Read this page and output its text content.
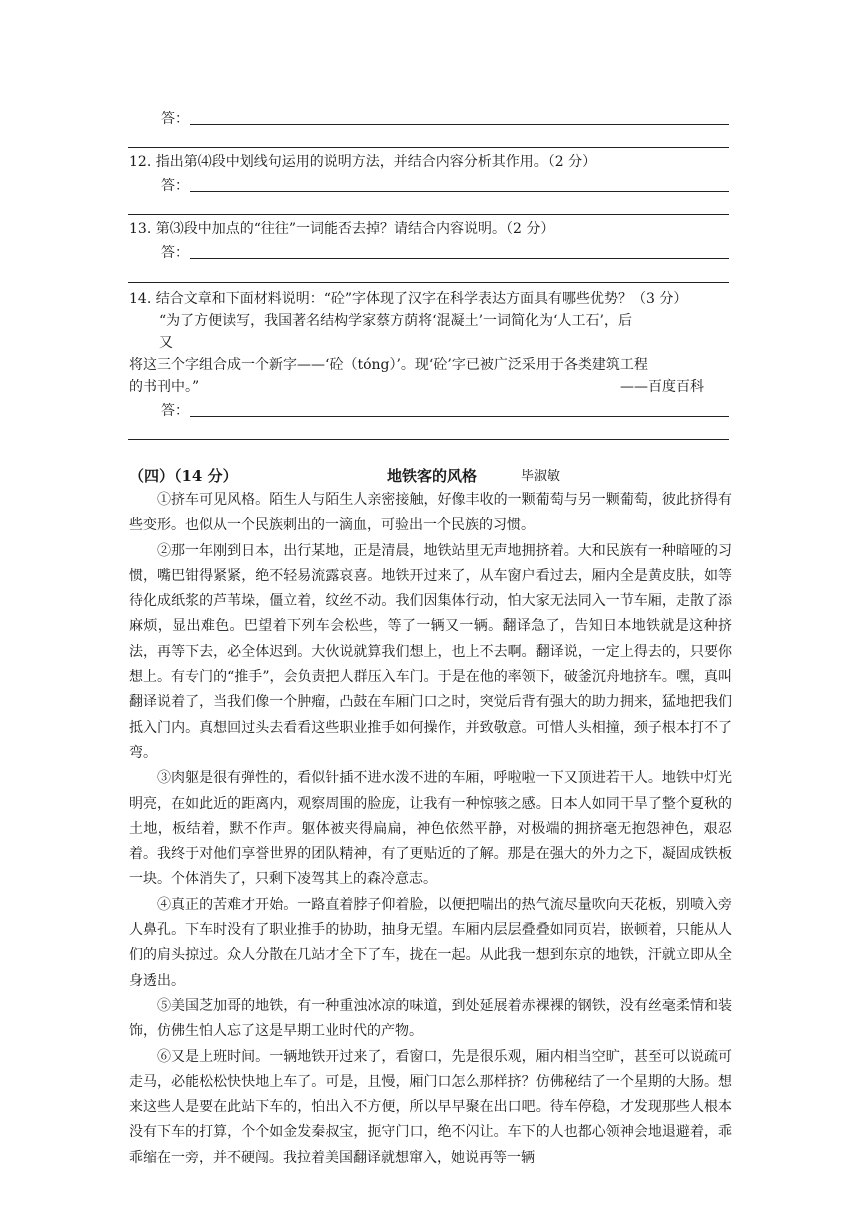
答：
12. 指出第⑷段中划线句运用的说明方法，并结合内容分析其作用。（2 分）
答：
13. 第⑶段中加点的“往往”一词能否去掉？请结合内容说明。（2 分）
答：
14. 结合文章和下面材料说明：“砼”字体现了汉字在科学表达方面具有哪些优势？（3 分）
“为了方便读写，我国著名结构学家蔡方荫将‘混凝土’一词简化为‘人工石’，后
又
将这三个字组合成一个新字——‘砼（tóng）’。现‘砼’字已被广泛采用于各类建筑工程
的书刊中。”	——百度百科
答：
（四）（14 分）	地铁客的风格	毕淑敏

①挤车可见风格。陌生人与陌生人亲密接触，好像丰收的一颗葡萄与另一颗葡萄，彼此挤得有些变形。也似从一个民族刺出的一滴血，可验出一个民族的习惯。

②那一年刚到日本，出行某地，正是清晨，地铁站里无声地拥挤着。大和民族有一种暗哑的习惯，嘴巴钳得紧紧，绝不轻易流露哀喜。地铁开过来了，从车窗户看过去，厢内全是黄皮肤，如等待化成纸浆的芦苇垛，僵立着，纹丝不动。我们因集体行动，怕大家无法同入一节车厢，走散了添麻烦，显出难色。巴望着下列车会松些，等了一辆又一辆。翻译急了，告知日本地铁就是这种挤法，再等下去，必全体迟到。大伙说就算我们想上，也上不去啊。翻译说，一定上得去的，只要你想上。有专门的“推手”，会负责把人群压入车门。于是在他的率领下，破釜沉舟地挤车。嘿，真叫翻译说着了，当我们像一个肿瘤，凸鼓在车厢门口之时，突觉后背有强大的助力拥来，猛地把我们抵入门内。真想回过头去看看这些职业推手如何操作，并致敬意。可惜人头相撞，颈子根本打不了弯。

③肉躯是很有弹性的，看似针插不进水泼不进的车厢，呼啦啦一下又顶进若干人。地铁中灯光明亮，在如此近的距离内，观察周围的脸庞，让我有一种惊骇之感。日本人如同干旱了整个夏秋的土地，板结着，默不作声。躯体被夹得扁扁，神色依然平静，对极端的拥挤毫无抱怨神色，艰忍着。我终于对他们享誉世界的团队精神，有了更贴近的了解。那是在强大的外力之下，凝固成铁板一块。个体消失了，只剩下凌驾其上的森冷意志。

④真正的苦难才开始。一路直着脖子仰着脸，以便把喘出的热气流尽量吹向天花板，别喷入旁人鼻孔。下车时没有了职业推手的协助，抽身无望。车厢内层层叠叠如同页岩，嵌顿着，只能从人们的肩头掠过。众人分散在几站才全下了车，拢在一起。从此我一想到东京的地铁，汗就立即从全身透出。

⑤美国芝加哥的地铁，有一种重浊冰凉的味道，到处延展着赤裸裸的钢铁，没有丝毫柔情和装饰，仿佛生怕人忘了这是早期工业时代的产物。

⑥又是上班时间。一辆地铁开过来了，看窗口，先是很乐观，厢内相当空旷，甚至可以说疏可走马，必能松松快快地上车了。可是，且慢，厢门口怎么那样挤？仿佛秘结了一个星期的大肠。想来这些人是要在此站下车的，怕出入不方便，所以早早聚在出口吧。待车停稳，才发现那些人根本没有下车的打算，个个如金发秦叔宝，扼守门口，绝不闪让。车下的人也都心领神会地退避着，乖乖缩在一旁，并不硬闯。我拉着美国翻译就想窜入，她说再等一辆
